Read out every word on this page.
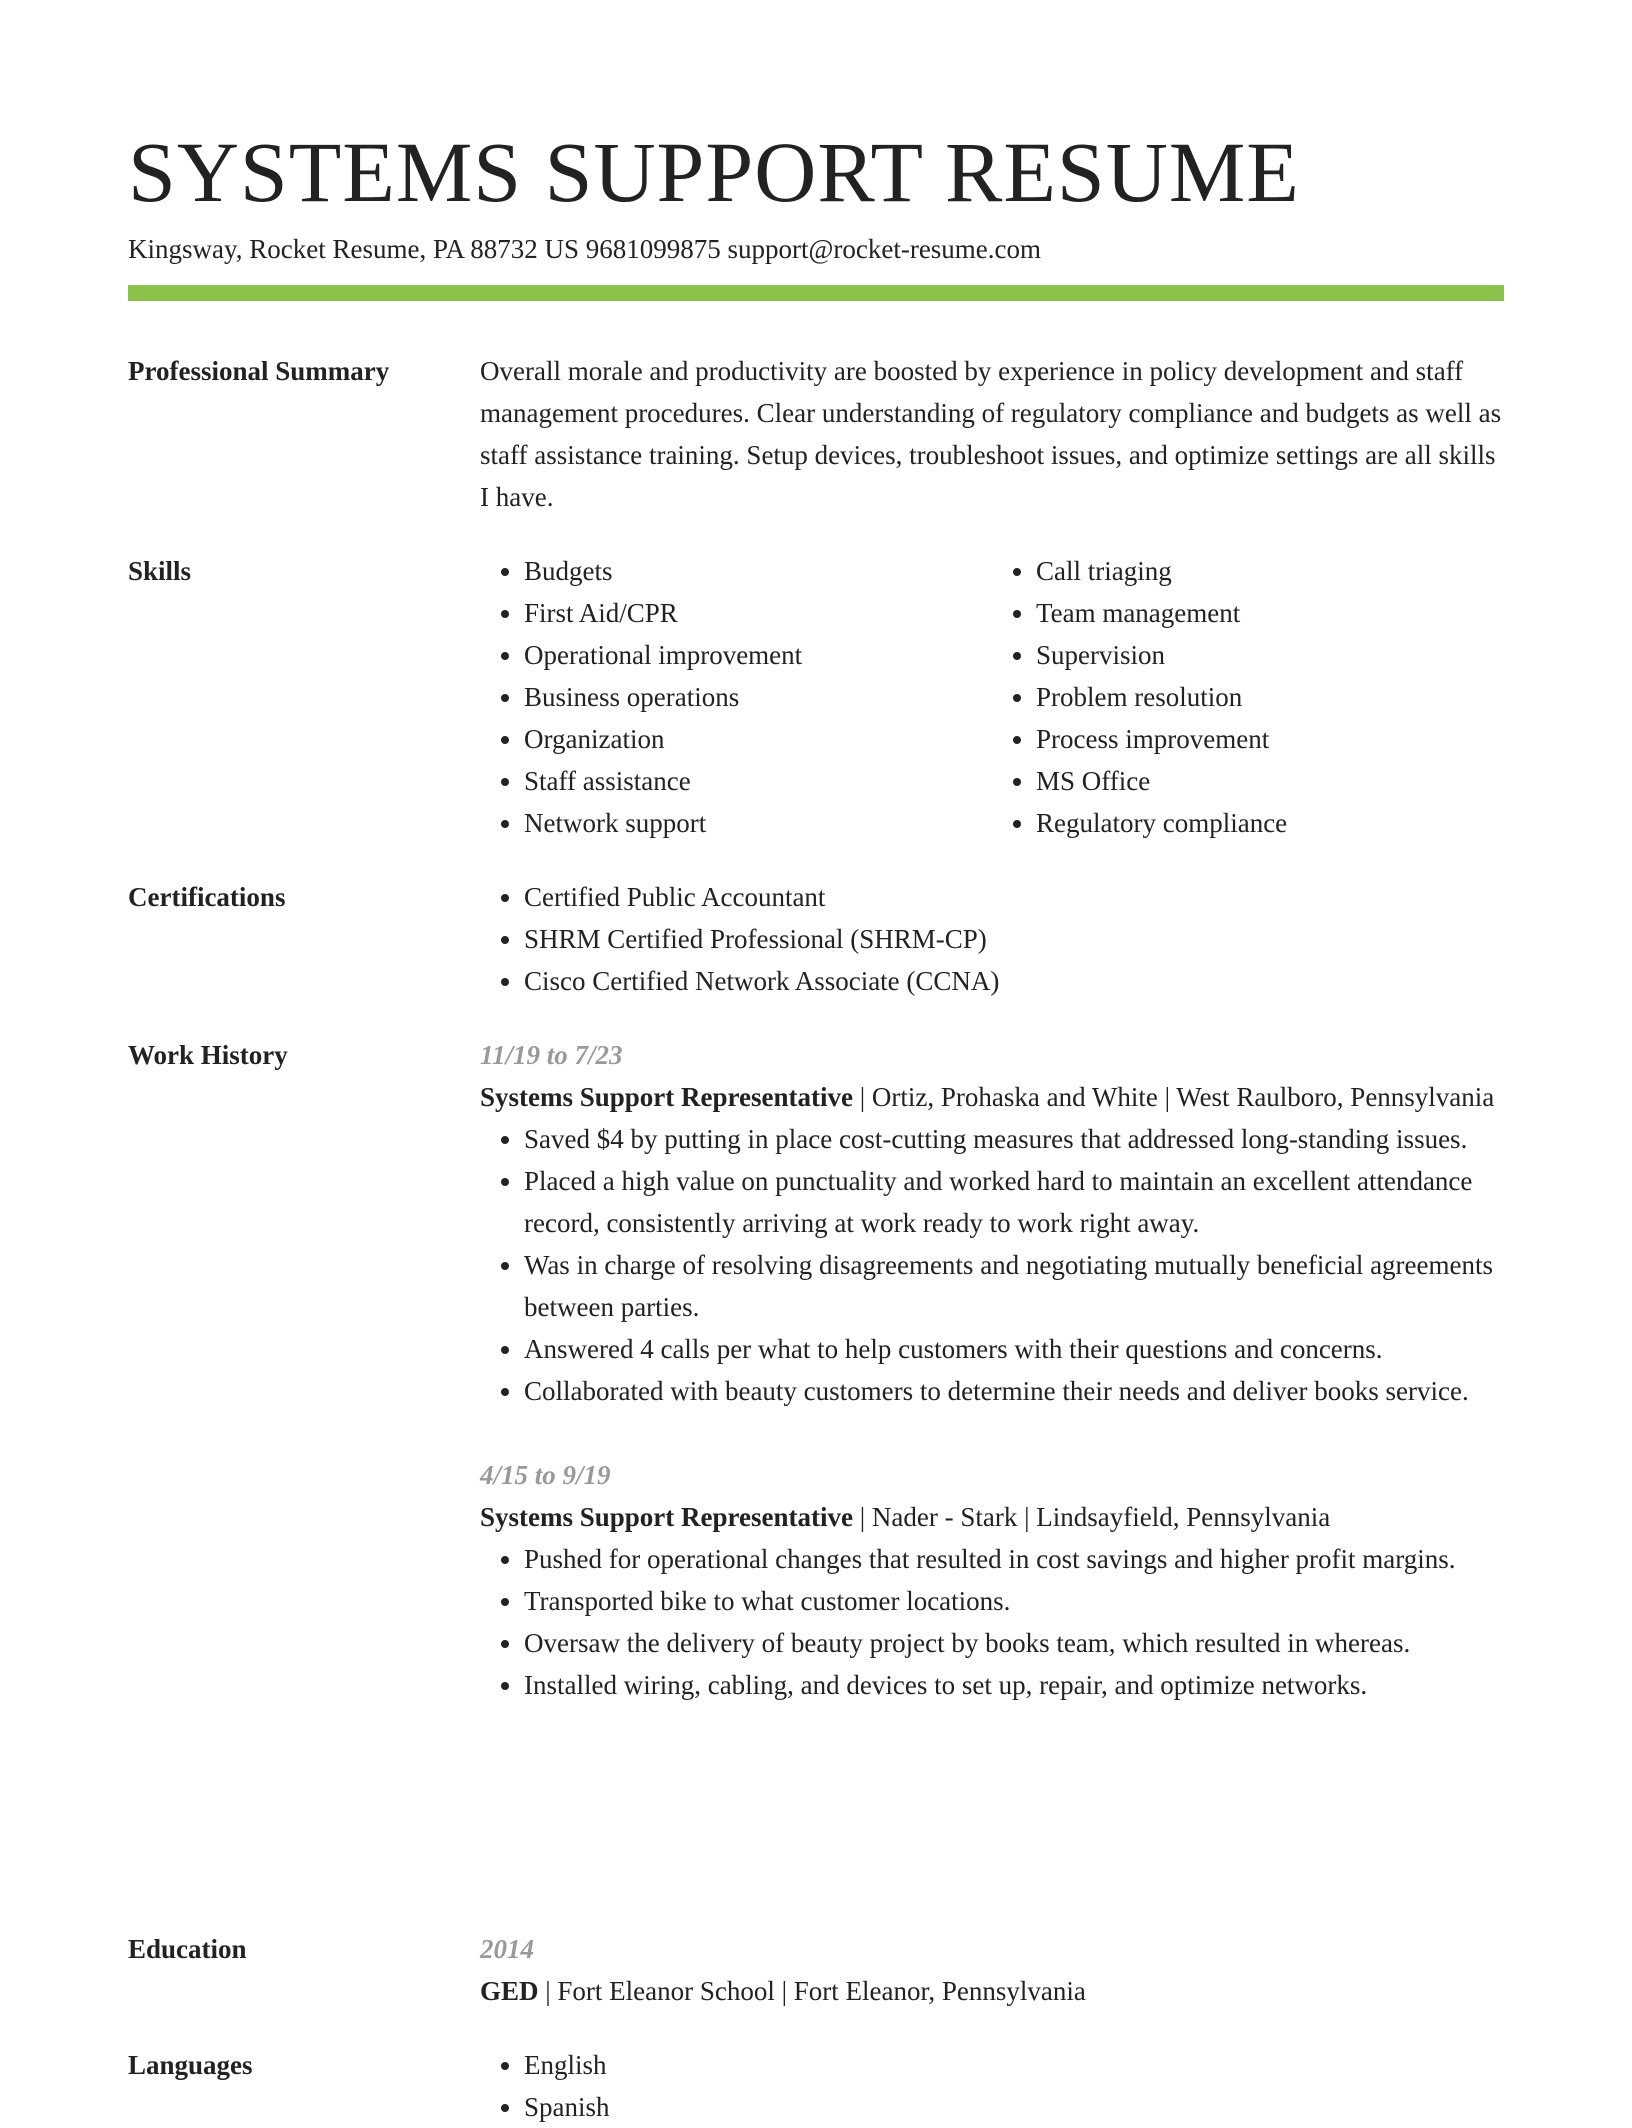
SYSTEMS SUPPORT RESUME
Kingsway, Rocket Resume, PA 88732 US 9681099875 support@rocket-resume.com
Professional Summary	Overall morale and productivity are boosted by experience in policy development and staff management procedures. Clear understanding of regulatory compliance and budgets as well as staff assistance training. Setup devices, troubleshoot issues, and optimize settings are all skills I have.

Skills	• Budgets
• First Aid/CPR
• Operational improvement
• Business operations
• Organization
• Staff assistance
• Network support
• Call triaging
• Team management
• Supervision
• Problem resolution
• Process improvement
• MS Office
• Regulatory compliance
Certifications	• Certified Public Accountant
• SHRM Certified Professional (SHRM-CP)
• Cisco Certified Network Associate (CCNA)
Work History	11/19 to 7/23

Systems Support Representative | Ortiz, Prohaska and White | West Raulboro, Pennsylvania

• Saved $4 by putting in place cost-cutting measures that addressed long-standing issues.
• Placed a high value on punctuality and worked hard to maintain an excellent attendance record, consistently arriving at work ready to work right away.
• Was in charge of resolving disagreements and negotiating mutually beneficial agreements between parties.
• Answered 4 calls per what to help customers with their questions and concerns.
• Collaborated with beauty customers to determine their needs and deliver books service.
4/15 to 9/19

Systems Support Representative | Nader - Stark | Lindsayfield, Pennsylvania

• Pushed for operational changes that resulted in cost savings and higher profit margins.
• Transported bike to what customer locations.
• Oversaw the delivery of beauty project by books team, which resulted in whereas.
• Installed wiring, cabling, and devices to set up, repair, and optimize networks.
Education	2014

GED | Fort Eleanor School | Fort Eleanor, Pennsylvania

Languages	• English
• Spanish
